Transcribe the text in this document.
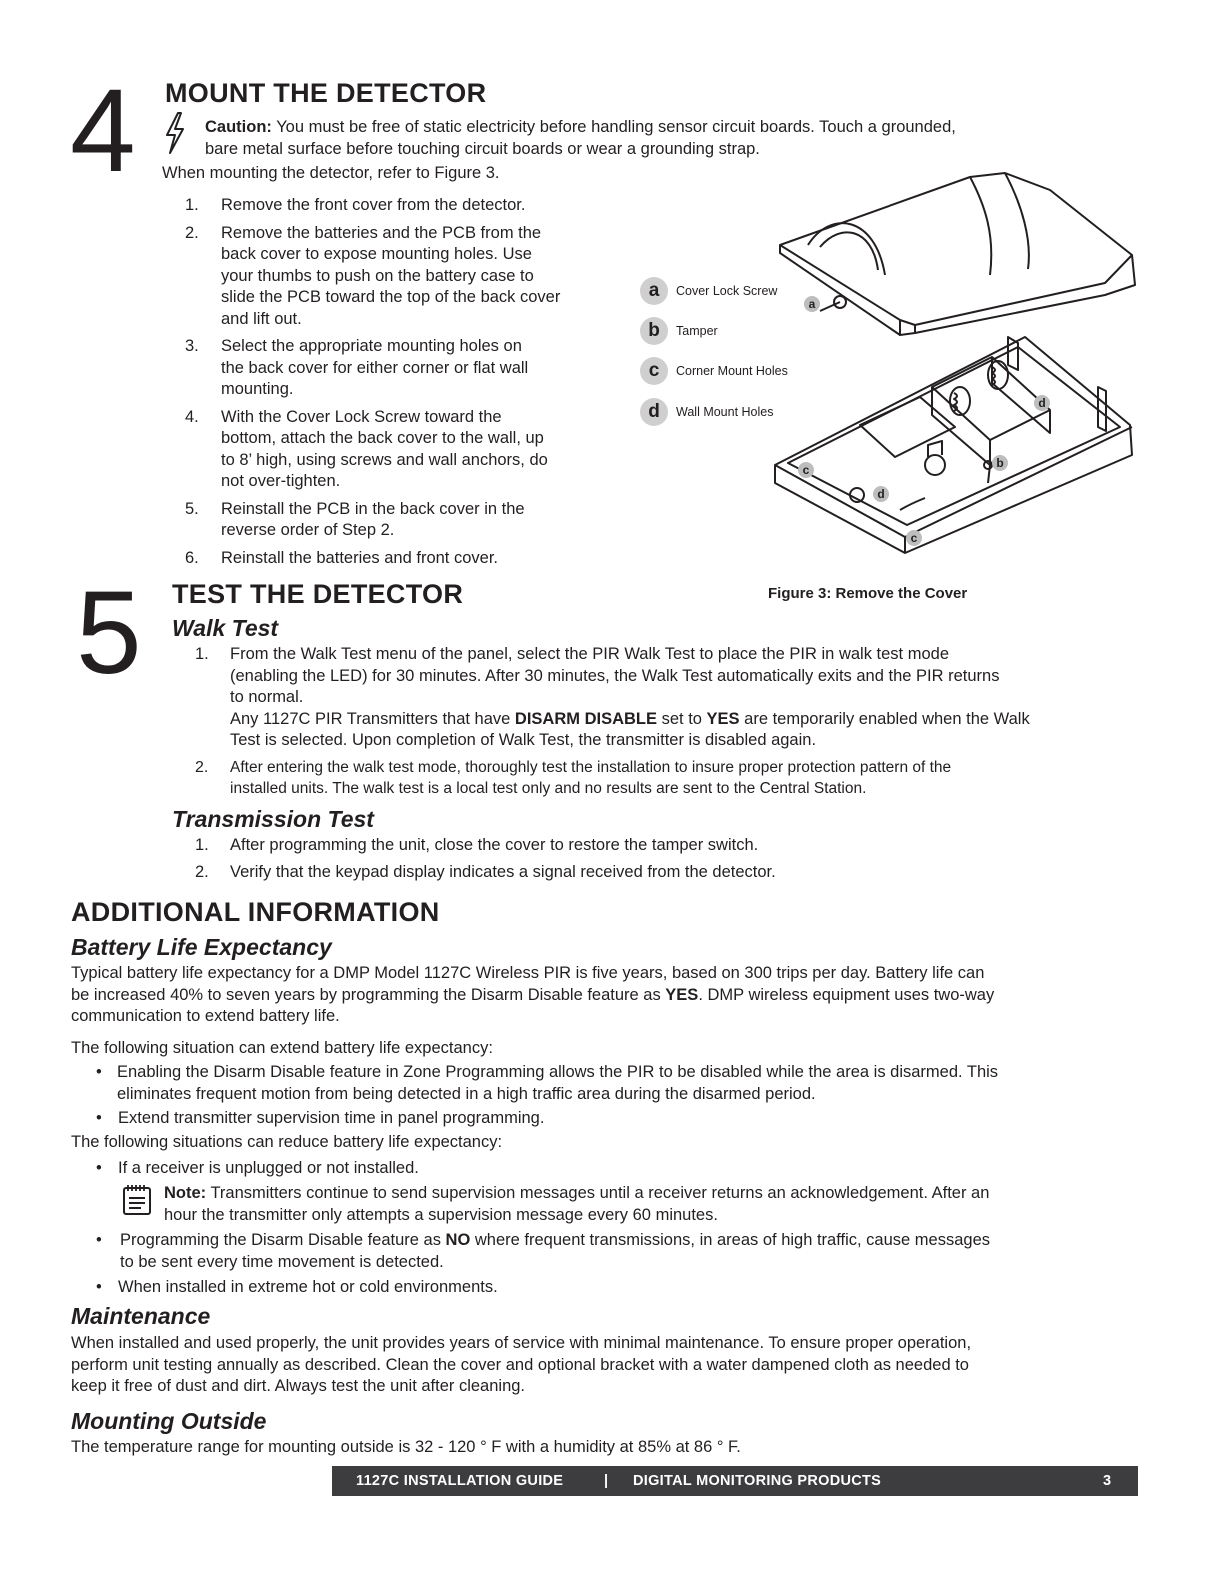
4 MOUNT THE DETECTOR
Caution: You must be free of static electricity before handling sensor circuit boards. Touch a grounded,
bare metal surface before touching circuit boards or wear a grounding strap.
When mounting the detector, refer to Figure 3.
1. Remove the front cover from the detector.
2. Remove the batteries and the PCB from the
back cover to expose mounting holes. Use
your thumbs to push on the battery case to
slide the PCB toward the top of the back cover
and lift out.
3. Select the appropriate mounting holes on
the back cover for either corner or flat wall
mounting.
4. With the Cover Lock Screw toward the
bottom, attach the back cover to the wall, up
to 8’ high, using screws and wall anchors, do
not over-tighten.
5. Reinstall the PCB in the back cover in the
reverse order of Step 2.
6. Reinstall the batteries and front cover.
a	Cover Lock Screw
b	Tamper
c	Corner Mount Holes
d	Wall Mount Holes
a
b
c
c
d
d
Figure 3: Remove the Cover
5 TEST THE DETECTOR
Walk Test
1. From the Walk Test menu of the panel, select the PIR Walk Test to place the PIR in walk test mode
(enabling the LED) for 30 minutes. After 30 minutes, the Walk Test automatically exits and the PIR returns
to normal.
Any 1127C PIR Transmitters that have DISARM DISABLE set to YES are temporarily enabled when the Walk
Test is selected. Upon completion of Walk Test, the transmitter is disabled again.
2. After entering the walk test mode, thoroughly test the installation to insure proper protection pattern of the
installed units. The walk test is a local test only and no results are sent to the Central Station.
Transmission Test
1. After programming the unit, close the cover to restore the tamper switch.
2. Verify that the keypad display indicates a signal received from the detector.
ADDITIONAL INFORMATION
Battery Life Expectancy
Typical battery life expectancy for a DMP Model 1127C Wireless PIR is five years, based on 300 trips per day. Battery life can
be increased 40% to seven years by programming the Disarm Disable feature as YES. DMP wireless equipment uses two-way
communication to extend battery life.
The following situation can extend battery life expectancy:
• Enabling the Disarm Disable feature in Zone Programming allows the PIR to be disabled while the area is disarmed. This
eliminates frequent motion from being detected in a high traffic area during the disarmed period.
• Extend transmitter supervision time in panel programming.
The following situations can reduce battery life expectancy:
• If a receiver is unplugged or not installed.
Note: Transmitters continue to send supervision messages until a receiver returns an acknowledgement. After an
hour the transmitter only attempts a supervision message every 60 minutes.
• Programming the Disarm Disable feature as NO where frequent transmissions, in areas of high traffic, cause messages
to be sent every time movement is detected.
• When installed in extreme hot or cold environments.
Maintenance
When installed and used properly, the unit provides years of service with minimal maintenance. To ensure proper operation,
perform unit testing annually as described. Clean the cover and optional bracket with a water dampened cloth as needed to
keep it free of dust and dirt. Always test the unit after cleaning.
Mounting Outside
The temperature range for mounting outside is 32 - 120 ° F with a humidity at 85% at 86 ° F.
1127C INSTALLATION GUIDE	| DIGITAL MONITORING PRODUCTS	3
